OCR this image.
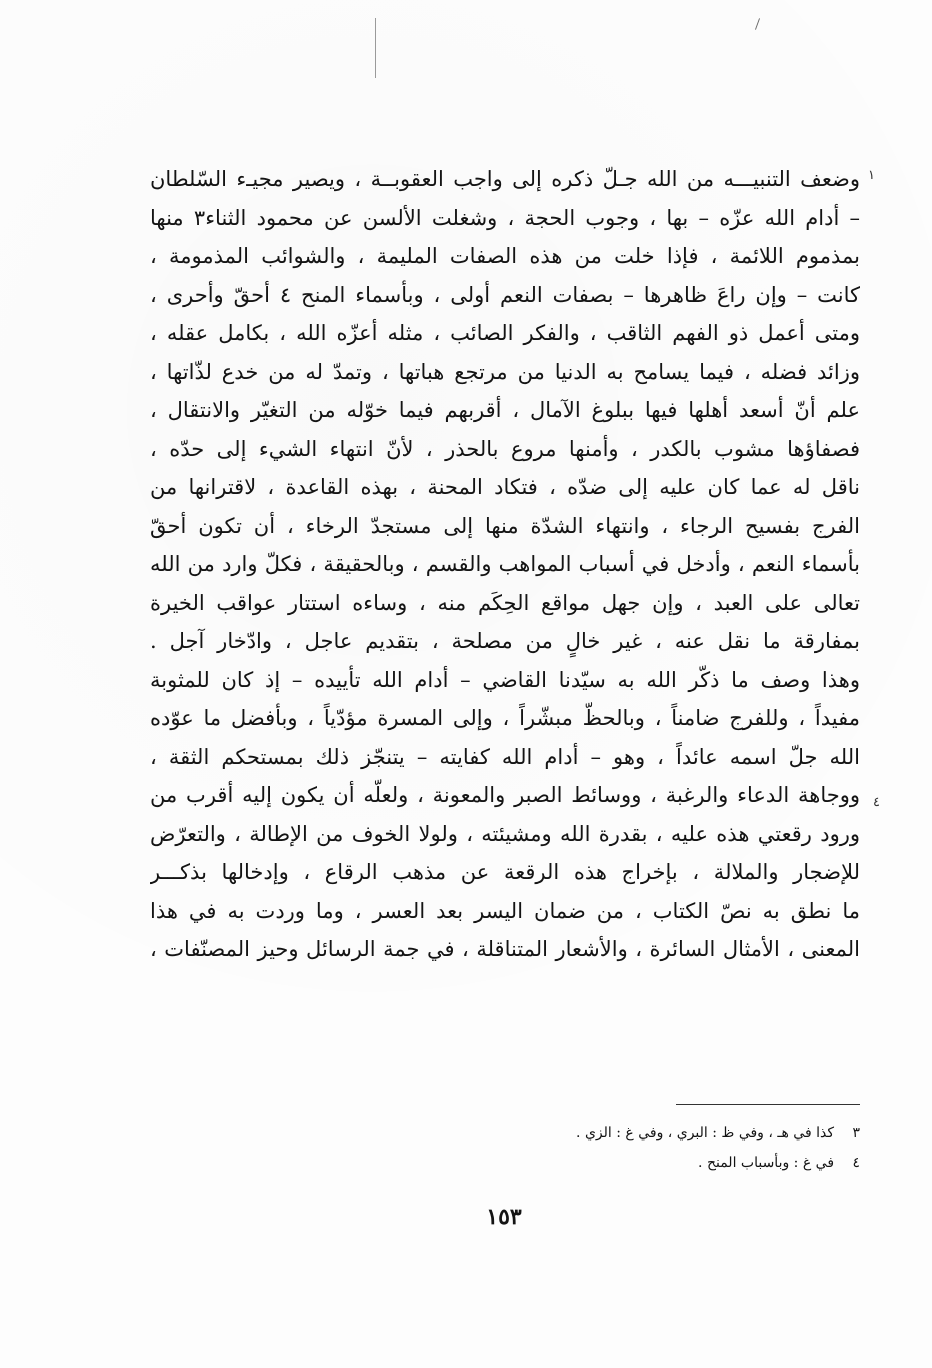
١
٤
وضعف التنبيـــه من الله جـلّ ذكره إلى واجب العقوبــة ، ويصير مجيـء السّلطان
– أدام الله عزّه – بها ، وجوب الحجة ، وشغلت الألسن عن محمود الثناء٣ منها
بمذموم اللائمة ، فإذا خلت من هذه الصفات المليمة ، والشوائب المذمومة ،
كانت – وإن راعَ ظاهرها – بصفات النعم أولى ، وبأسماء المنح ٤ أحقّ وأحرى ،
ومتى أعمل ذو الفهم الثاقب ، والفكر الصائب ، مثله أعزّه الله ، بكامل عقله ،
وزائد فضله ، فيما يسامح به الدنيا من مرتجع هباتها ، وتمدّ له من خدع لذّاتها ،
علم أنّ أسعد أهلها فيها ببلوغ الآمال ، أقربهم فيما خوّله من التغيّر والانتقال ،
فصفاؤها مشوب بالكدر ، وأمنها مروع بالحذر ، لأنّ انتهاء الشيء إلى حدّه ،
ناقل له عما كان عليه إلى ضدّه ، فتكاد المحنة ، بهذه القاعدة ، لاقترانها من
الفرج بفسيح الرجاء ، وانتهاء الشدّة منها إلى مستجدّ الرخاء ، أن تكون أحقّ
بأسماء النعم ، وأدخل في أسباب المواهب والقسم ، وبالحقيقة ، فكلّ وارد من الله
تعالى على العبد ، وإن جهل مواقع الحِكَم منه ، وساءه استتار عواقب الخيرة
بمفارقة ما نقل عنه ، غير خالٍ من مصلحة ، بتقديم عاجل ، وادّخار آجل .
وهذا وصف ما ذكّر الله به سيّدنا القاضي – أدام الله تأييده – إذ كان للمثوبة
مفيداً ، وللفرج ضامناً ، وبالحظّ مبشّراً ، وإلى المسرة مؤدّياً ، وبأفضل ما عوّده
الله جلّ اسمه عائداً ، وهو – أدام الله كفايته – يتنجّز ذلك بمستحكم الثقة ،
ووجاهة الدعاء والرغبة ، ووسائط الصبر والمعونة ، ولعلّه أن يكون إليه أقرب من
ورود رقعتي هذه عليه ، بقدرة الله ومشيئته ، ولولا الخوف من الإطالة ، والتعرّض
للإضجار والملالة ، بإخراج هذه الرقعة عن مذهب الرقاع ، وإدخالها بذكـــر
ما نطق به نصّ الكتاب ، من ضمان اليسر بعد العسر ، وما وردت به في هذا
المعنى ، الأمثال السائرة ، والأشعار المتناقلة ، في جمة الرسائل وحيز المصنّفات ،
٣ كذا في هـ ، وفي ظ : البري ، وفي غ : الزي .
٤ في غ : وبأسباب المنح .
١٥٣
